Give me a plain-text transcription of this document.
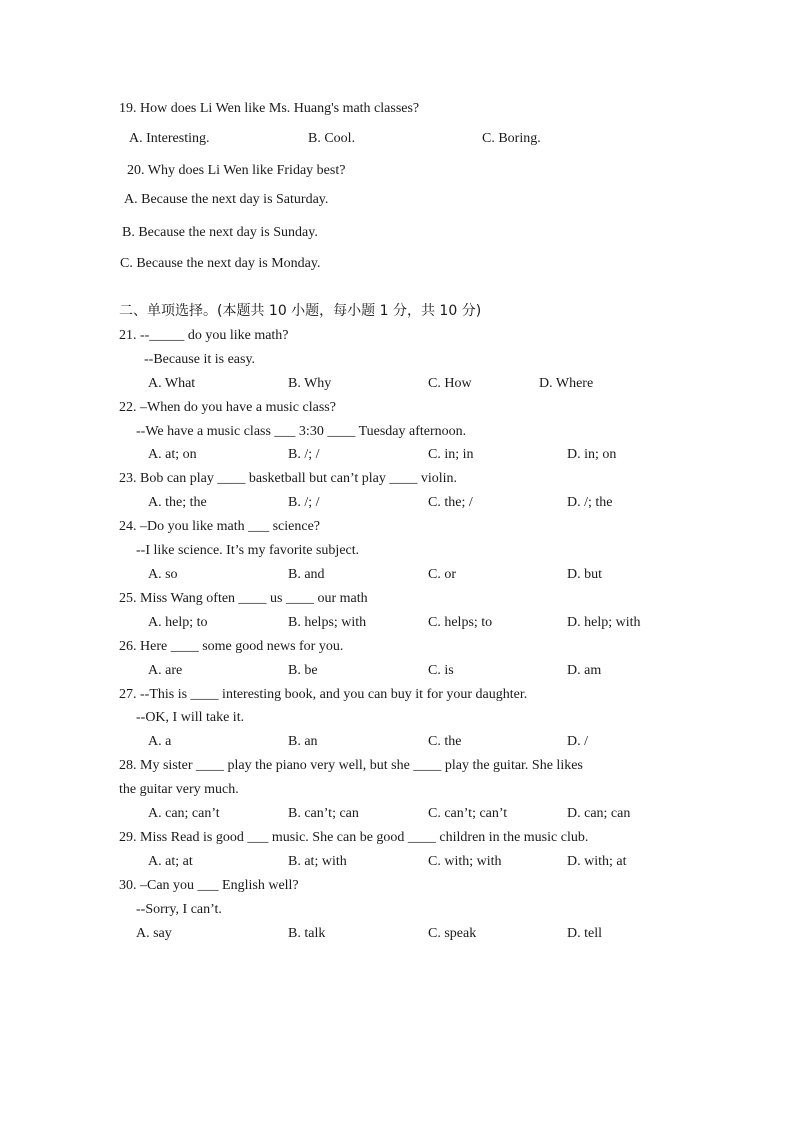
19. How does Li Wen like Ms. Huang's math classes?
A. Interesting.	B. Cool.	C. Boring.
20. Why does Li Wen like Friday best?
A. Because the next day is Saturday.
B. Because the next day is Sunday.
C. Because the next day is Monday.
二、单项选择。(本题共 10 小题，每小题 1 分，共 10 分)
21. --_____ do you like math?
--Because it is easy.
A. What	B. Why	C. How	D. Where
22. –When do you have a music class?
--We have a music class ___ 3:30 ____ Tuesday afternoon.
A. at; on	B. /; /	C. in; in	D. in; on
23. Bob can play ____ basketball but can’t play ____ violin.
A. the; the	B. /; /	C. the; /	D. /; the
24. –Do you like math ___ science?
--I like science. It’s my favorite subject.
A. so	B. and	C. or	D. but
25. Miss Wang often ____ us ____ our math
A. help; to	B. helps; with	C. helps; to	D. help; with
26. Here ____ some good news for you.
A. are	B. be	C. is	D. am
27. --This is ____ interesting book, and you can buy it for your daughter.
--OK, I will take it.
A. a	B. an	C. the	D. /
28. My sister ____ play the piano very well, but she ____ play the guitar. She likes
the guitar very much.
A. can; can’t	B. can’t; can	C. can’t; can’t	D. can; can
29. Miss Read is good ___ music. She can be good ____ children in the music club.
A. at; at	B. at; with	C. with; with	D. with; at
30. –Can you ___ English well?
--Sorry, I can’t.
A. say	B. talk	C. speak	D. tell
